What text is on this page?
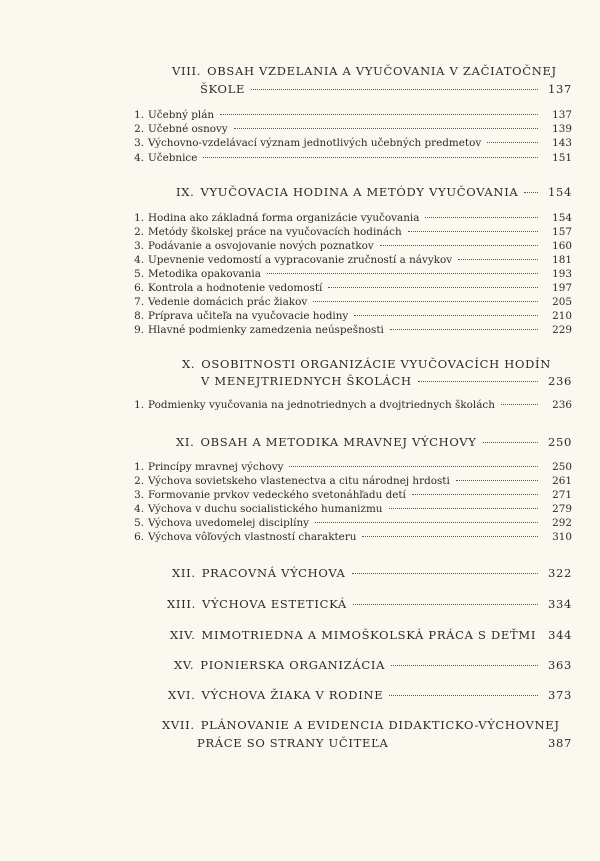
VIII. OBSAH VZDELANIA A VYUČOVANIA V ZAČIATOČNEJ
ŠKOLE	137
1. Učebný plán	137
2. Učebné osnovy	139
3. Výchovno-vzdelávací význam jednotlivých učebných predmetov	143
4. Učebnice	151
IX. VYUČOVACIA HODINA A METÓDY VYUČOVANIA	154
1. Hodina ako základná forma organizácie vyučovania	154
2. Metódy školskej práce na vyučovacích hodinách	157
3. Podávanie a osvojovanie nových poznatkov	160
4. Upevnenie vedomostí a vypracovanie zručností a návykov	181
5. Metodika opakovania	193
6. Kontrola a hodnotenie vedomostí	197
7. Vedenie domácich prác žiakov	205
8. Príprava učiteľa na vyučovacie hodiny	210
9. Hlavné podmienky zamedzenia neúspešnosti	229
X. OSOBITNOSTI ORGANIZÁCIE VYUČOVACÍCH HODÍN
V MENEJTRIEDNYCH ŠKOLÁCH	236
1. Podmienky vyučovania na jednotriednych a dvojtriednych školách	236
XI. OBSAH A METODIKA MRAVNEJ VÝCHOVY	250
1. Princípy mravnej výchovy	250
2. Výchova sovietskeho vlastenectva a citu národnej hrdosti	261
3. Formovanie prvkov vedeckého svetonáhľadu detí	271
4. Výchova v duchu socialistického humanizmu	279
5. Výchova uvedomelej disciplíny	292
6. Výchova vôľových vlastností charakteru	310
XII. PRACOVNÁ VÝCHOVA	322
XIII. VÝCHOVA ESTETICKÁ	334
XIV. MIMOTRIEDNA A MIMOŠKOLSKÁ PRÁCA S DEŤMI 344
XV. PIONIERSKA ORGANIZÁCIA	363
XVI. VÝCHOVA ŽIAKA V RODINE	373
XVII. PLÁNOVANIE A EVIDENCIA DIDAKTICKO-VÝCHOVNEJ
PRÁCE SO STRANY UČITEĽA	387
